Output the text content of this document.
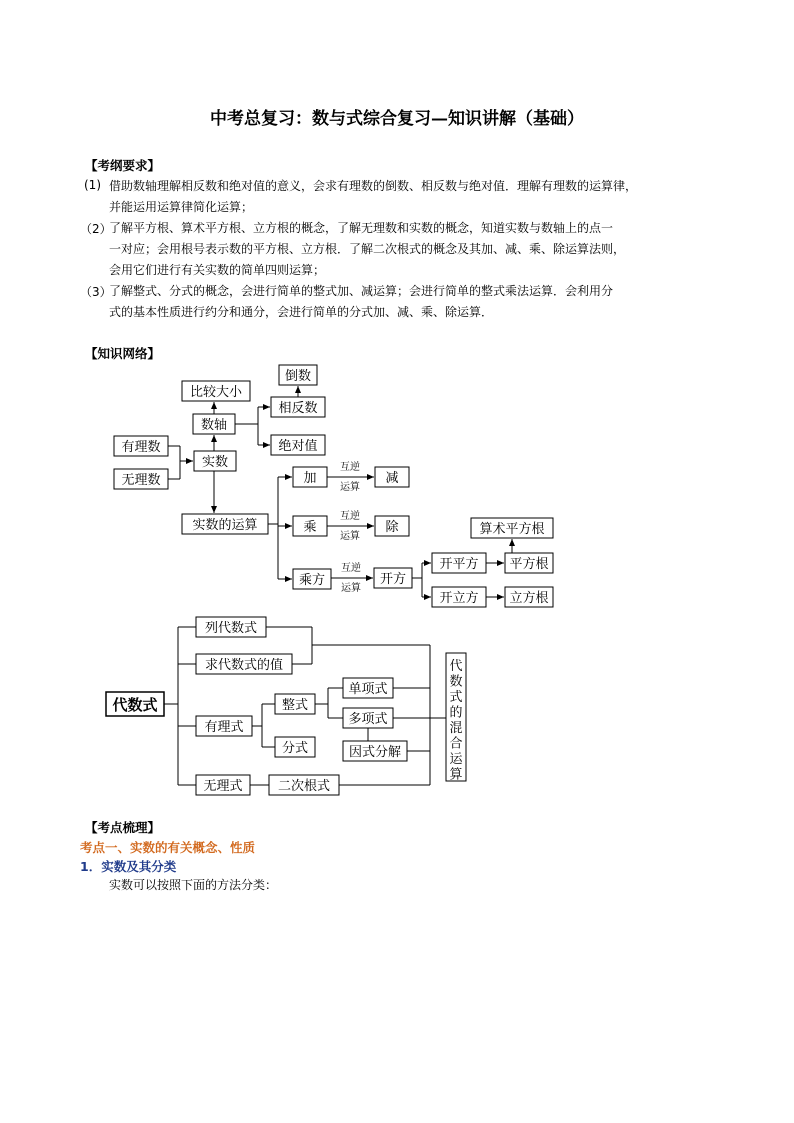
中考总复习：数与式综合复习—知识讲解（基础）
【考纲要求】
(1) 借助数轴理解相反数和绝对值的意义，会求有理数的倒数、相反数与绝对值．理解有理数的运算律，
并能运用运算律简化运算；
（2）
了解平方根、算术平方根、立方根的概念，了解无理数和实数的概念，知道实数与数轴上的点一
一对应；会用根号表示数的平方根、立方根．了解二次根式的概念及其加、减、乘、除运算法则，
会用它们进行有关实数的简单四则运算；
（3）
了解整式、分式的概念，会进行简单的整式加、减运算；会进行简单的整式乘法运算．会利用分
式的基本性质进行约分和通分，会进行简单的分式加、减、乘、除运算．
【知识网络】
比较大小
倒数
数轴
相反数
绝对值
有理数
实数
无理数	加	减
实数的运算	乘	除
乘方	开方
开平方
开立方
算术平方根
平方根
立方根
互逆
运算
互逆
运算
互逆
运算
代数式
列代数式
求代数式的值
有理式
整式
分式
单项式
多项式
因式分解
无理式	二次根式
代数式的混合运算
【考点梳理】
考点一、实数的有关概念、性质
1．实数及其分类
实数可以按照下面的方法分类：
